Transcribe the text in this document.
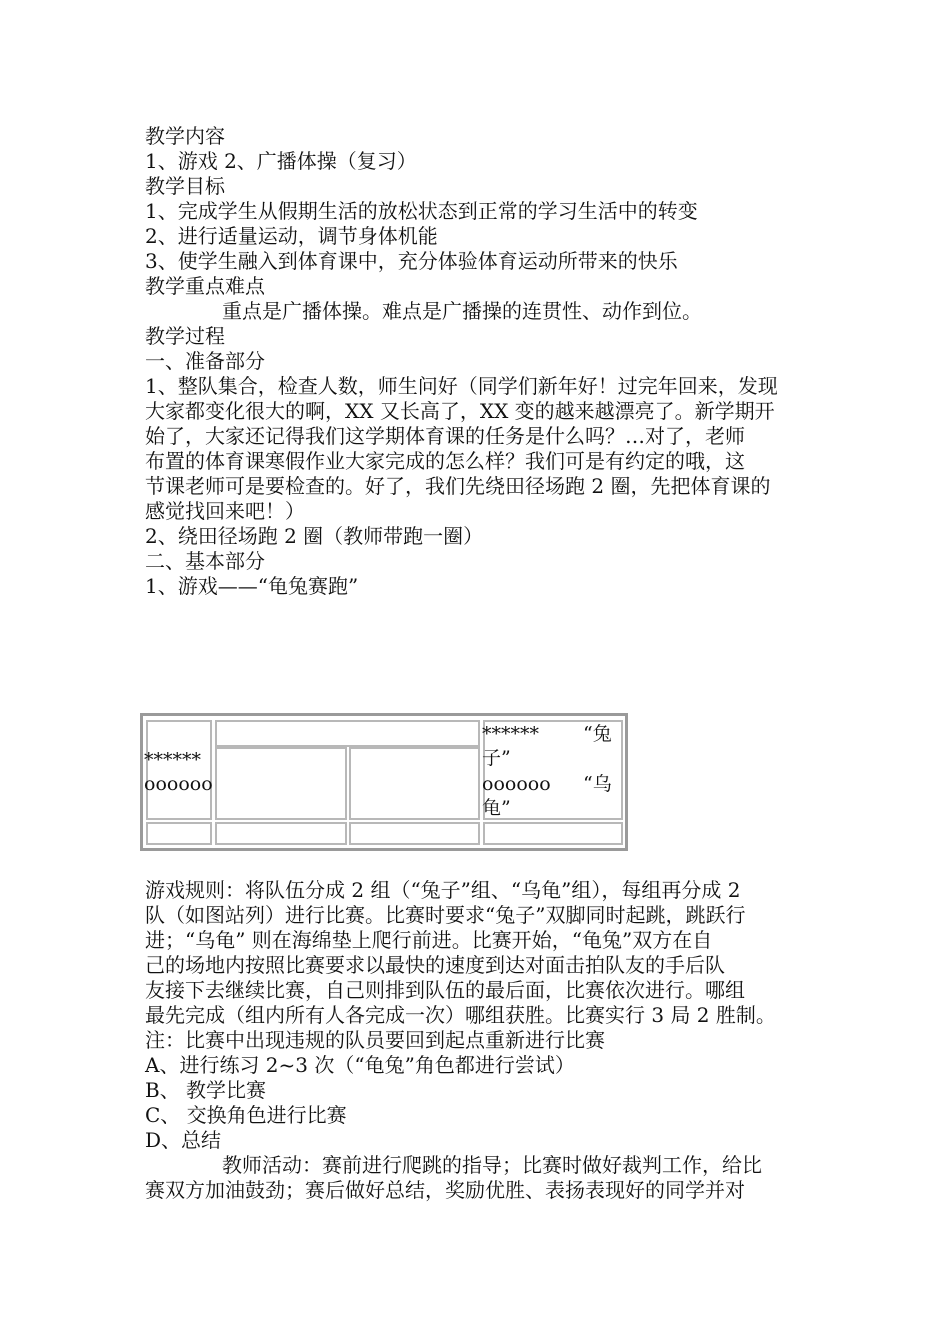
教学内容
1、游戏 2、广播体操（复习）
教学目标
1、完成学生从假期生活的放松状态到正常的学习生活中的转变
2、进行适量运动，调节身体机能
3、使学生融入到体育课中，充分体验体育运动所带来的快乐
教学重点难点
重点是广播体操。难点是广播操的连贯性、动作到位。
教学过程
一、准备部分
1、整队集合，检查人数，师生问好（同学们新年好！过完年回来，发现
大家都变化很大的啊，XX 又长高了，XX 变的越来越漂亮了。新学期开
始了，大家还记得我们这学期体育课的任务是什么吗？…对了，老师
布置的体育课寒假作业大家完成的怎么样？我们可是有约定的哦，这
节课老师可是要检查的。好了，我们先绕田径场跑 2 圈，先把体育课的
感觉找回来吧！）
2、绕田径场跑 2 圈（教师带跑一圈）
二、基本部分
1、游戏——“龟兔赛跑”
******
oooooo
****** “兔
子”
oooooo “乌
龟”
游戏规则：将队伍分成 2 组（“兔子”组、“乌龟”组），每组再分成 2
队（如图站列）进行比赛。比赛时要求“兔子”双脚同时起跳，跳跃行
进；“乌龟” 则在海绵垫上爬行前进。比赛开始，“龟兔”双方在自
己的场地内按照比赛要求以最快的速度到达对面击拍队友的手后队
友接下去继续比赛，自己则排到队伍的最后面，比赛依次进行。哪组
最先完成（组内所有人各完成一次）哪组获胜。比赛实行 3 局 2 胜制。
注：比赛中出现违规的队员要回到起点重新进行比赛
A、进行练习 2~3 次（“龟兔”角色都进行尝试）
B、 教学比赛
C、 交换角色进行比赛
D、总结
教师活动：赛前进行爬跳的指导；比赛时做好裁判工作，给比
赛双方加油鼓劲；赛后做好总结，奖励优胜、表扬表现好的同学并对
